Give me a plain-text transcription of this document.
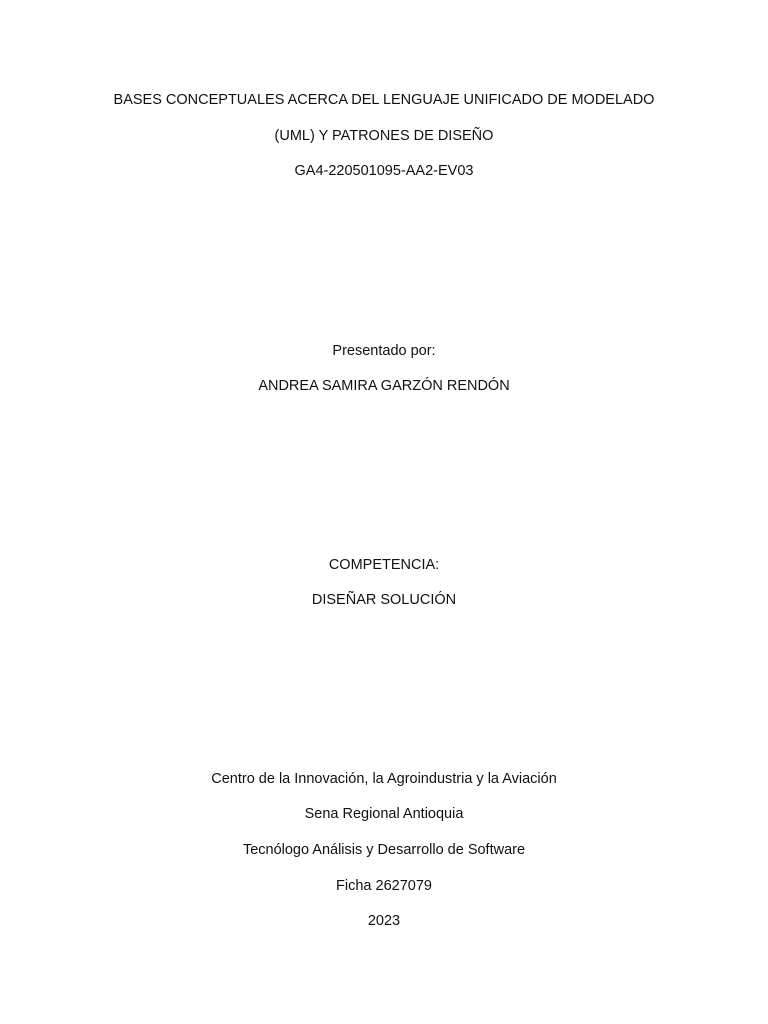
BASES CONCEPTUALES ACERCA DEL LENGUAJE UNIFICADO DE MODELADO
(UML) Y PATRONES DE DISEÑO
GA4-220501095-AA2-EV03
Presentado por:
ANDREA SAMIRA GARZÓN RENDÓN
COMPETENCIA:
DISEÑAR SOLUCIÓN
Centro de la Innovación, la Agroindustria y la Aviación
Sena Regional Antioquia
Tecnólogo Análisis y Desarrollo de Software
Ficha 2627079
2023
